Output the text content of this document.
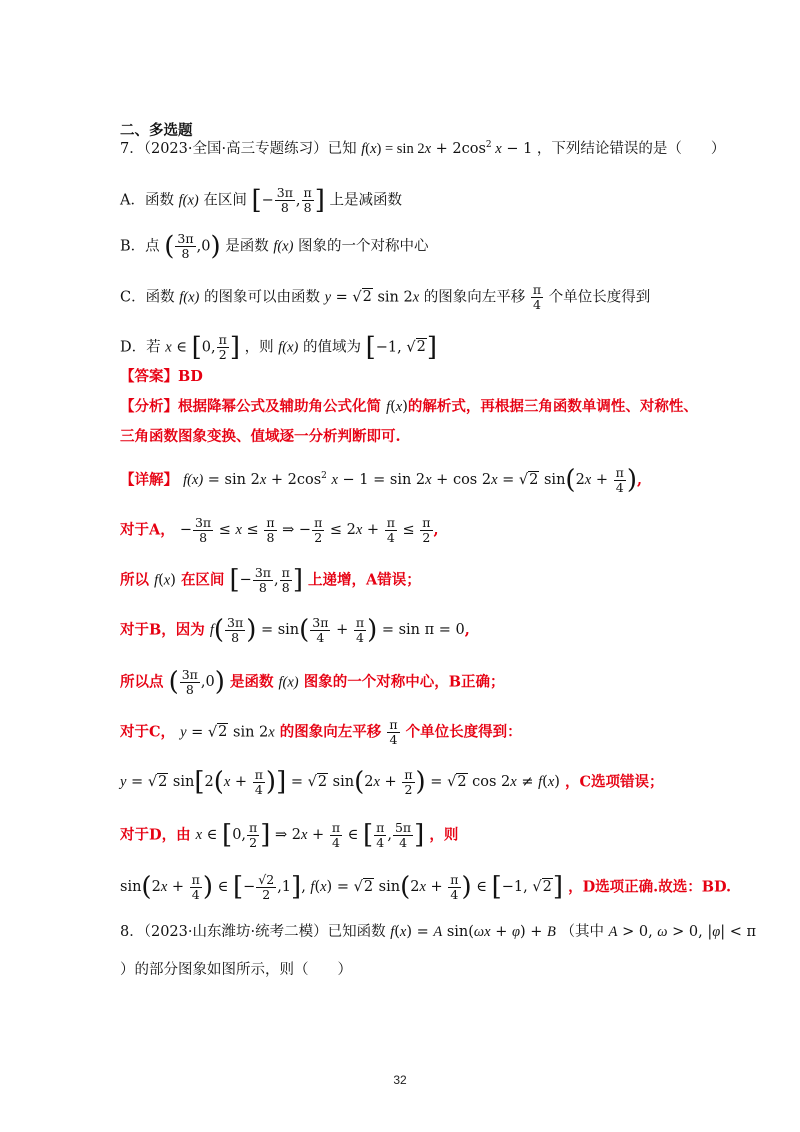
二、多选题
7．（2023·全国·高三专题练习）已知 $f(x) = \sin 2x + 2\cos^2$ x − 1 ，下列结论错误的是（　　）
A．函数 f(x) 在区间 [− $\frac{3\pi}{8}$ , $\frac{\pi}{8}$ ] 上是减函数
B．点 ( $\frac{3\pi}{8} ,0$) 是函数 f(x) 图象的一个对称中心
C．函数 f(x) 的图象可以由函数 y = √2 sin 2x 的图象向左平移 $\frac{\pi}{4}$ 个单位长度得到
D．若 x ∈ [0, $\frac{\pi}{2}$ ] ，则 f(x) 的值域为 [−1, √2]
【答案】BD
【分析】根据降幂公式及辅助角公式化简 f(x)的解析式，再根据三角函数单调性、对称性、
三角函数图象变换、值域逐一分析判断即可.
【详解】 $f(x) = \sin 2x + 2\cos^2$ x − 1 = sin 2x + cos 2x = √2 $\sin(2x + \frac{\pi}{4}$ ),
对于A， − $\frac{3\pi}{8} \le x \le \frac{\pi}{8}$ ⇒ − $\frac{\pi}{2} \le 2x + \frac{\pi}{4} \le \frac{\pi}{2}$ ,
所以 f(x) 在区间 [− $\frac{3\pi}{8}$ , $\frac{\pi}{8}$ ] 上递增，A错误；
对于B，因为 $f( \frac{3\pi}{8}$ ) = $\sin( \frac{3\pi}{4} + \frac{\pi}{4}$ ) = sin π = 0,
所以点 ( $\frac{3\pi}{8} ,0$) 是函数 f(x) 图象的一个对称中心，B正确；
对于C， y = √2 sin 2x 的图象向左平移 $\frac{\pi}{4}$ 个单位长度得到：
y = √2 $\sin[2(x + \frac{\pi}{4}$ )] = √2 $\sin(2x + \frac{\pi}{2}$ ) = √2 cos 2x ≠ f(x) ，C选项错误；
对于D，由 x ∈ [0, $\frac{\pi}{2}$ ] ⇒ $2x + \frac{\pi}{4}$ ∈ [ $\frac{\pi}{4}$ , $\frac{5\pi}{4}$ ] ，则
$\sin(2x + \frac{\pi}{4}$ ) ∈ [− $\frac{√2}{2} ,1$], f(x) = √2 $\sin(2x + \frac{\pi}{4}$ ) ∈ [−1, √2] ，D选项正确.故选：BD.
8．（2023·山东潍坊·统考二模）已知函数 f(x) = A sin(ωx + φ) + B （其中 A > 0, ω > 0, |φ| < π
）的部分图象如图所示，则（　　）
32
